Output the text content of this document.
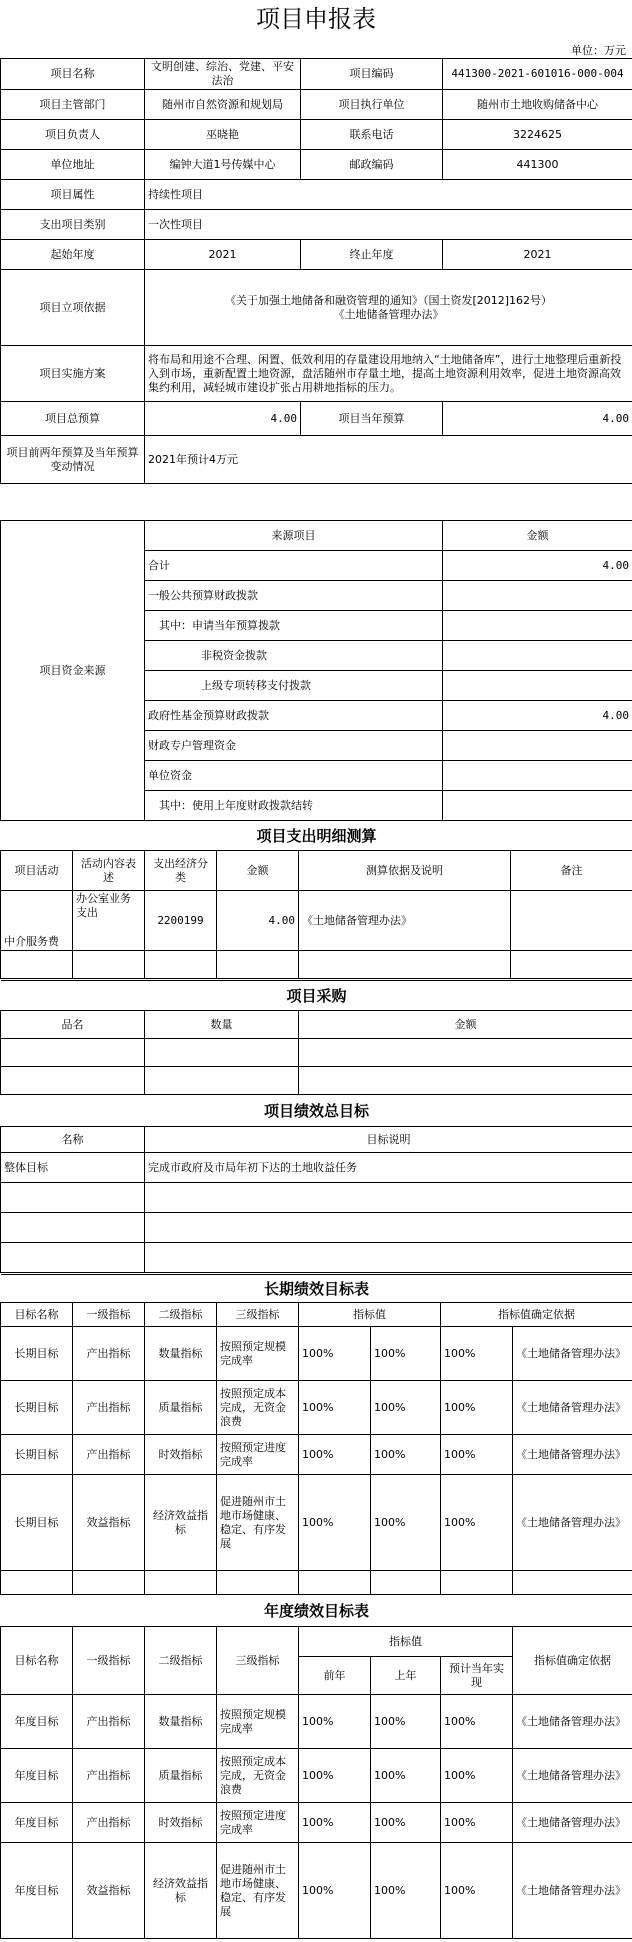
项目申报表
单位：万元
项目名称	文明创建、综治、党建、平安法治	项目编码	441300-2021-601016-000-004
项目主管部门	随州市自然资源和规划局	项目执行单位	随州市土地收购储备中心
项目负责人	巫晓艳	联系电话	3224625
单位地址	编钟大道1号传媒中心	邮政编码	441300
项目属性	持续性项目		
支出项目类别	一次性项目		
起始年度	2021	终止年度	2021
项目立项依据	《关于加强土地储备和融资管理的通知》（国土资发[2012]162号）
《土地储备管理办法》		

项目实施方案	将布局和用途不合理、闲置、低效利用的存量建设用地纳入“土地储备库”，进行土地整理后重新投入到市场，重新配置土地资源，盘活随州市存量土地，提高土地资源利用效率，促进土地资源高效集约利用，减轻城市建设扩张占用耕地指标的压力。		
项目总预算	4.00	项目当年预算	4.00
项目前两年预算及当年预算变动情况	2021年预计4万元		
项目资金来源	来源项目	金额
	合计	4.00
	一般公共预算财政拨款	
	其中：申请当年预算拨款	
	非税资金拨款	
	上级专项转移支付拨款	
	政府性基金预算财政拨款	4.00
	财政专户管理资金	
	单位资金	
	其中：使用上年度财政拨款结转	
项目支出明细测算					
项目活动	活动内容表述	支出经济分类	金额	测算依据及说明	备注
中介服务费	办公室业务支出	2200199	4.00	《土地储备管理办法》	

项目采购		
品名	数量	金额

项目绩效总目标	
名称	目标说明
整体目标	完成市政府及市局年初下达的土地收益任务

长期绩效目标表							
目标名称	一级指标	二级指标	三级指标	指标值		指标值确定依据	
长期目标	产出指标	数量指标	按照预定规模完成率	100%	100%	100%	《土地储备管理办法》
长期目标	产出指标	质量指标	按照预定成本完成，无资金浪费	100%	100%	100%	《土地储备管理办法》
长期目标	产出指标	时效指标	按照预定进度完成率	100%	100%	100%	《土地储备管理办法》
长期目标	效益指标	经济效益指标	促进随州市土地市场健康、稳定、有序发展	100%	100%	100%	《土地储备管理办法》

年度绩效目标表							
目标名称	一级指标	二级指标	三级指标	指标值			指标值确定依据
				前年	上年	预计当年实现	
年度目标	产出指标	数量指标	按照预定规模完成率	100%	100%	100%	《土地储备管理办法》
年度目标	产出指标	质量指标	按照预定成本完成，无资金浪费	100%	100%	100%	《土地储备管理办法》
年度目标	产出指标	时效指标	按照预定进度完成率	100%	100%	100%	《土地储备管理办法》
年度目标	效益指标	经济效益指标	促进随州市土地市场健康、稳定、有序发展	100%	100%	100%	《土地储备管理办法》
